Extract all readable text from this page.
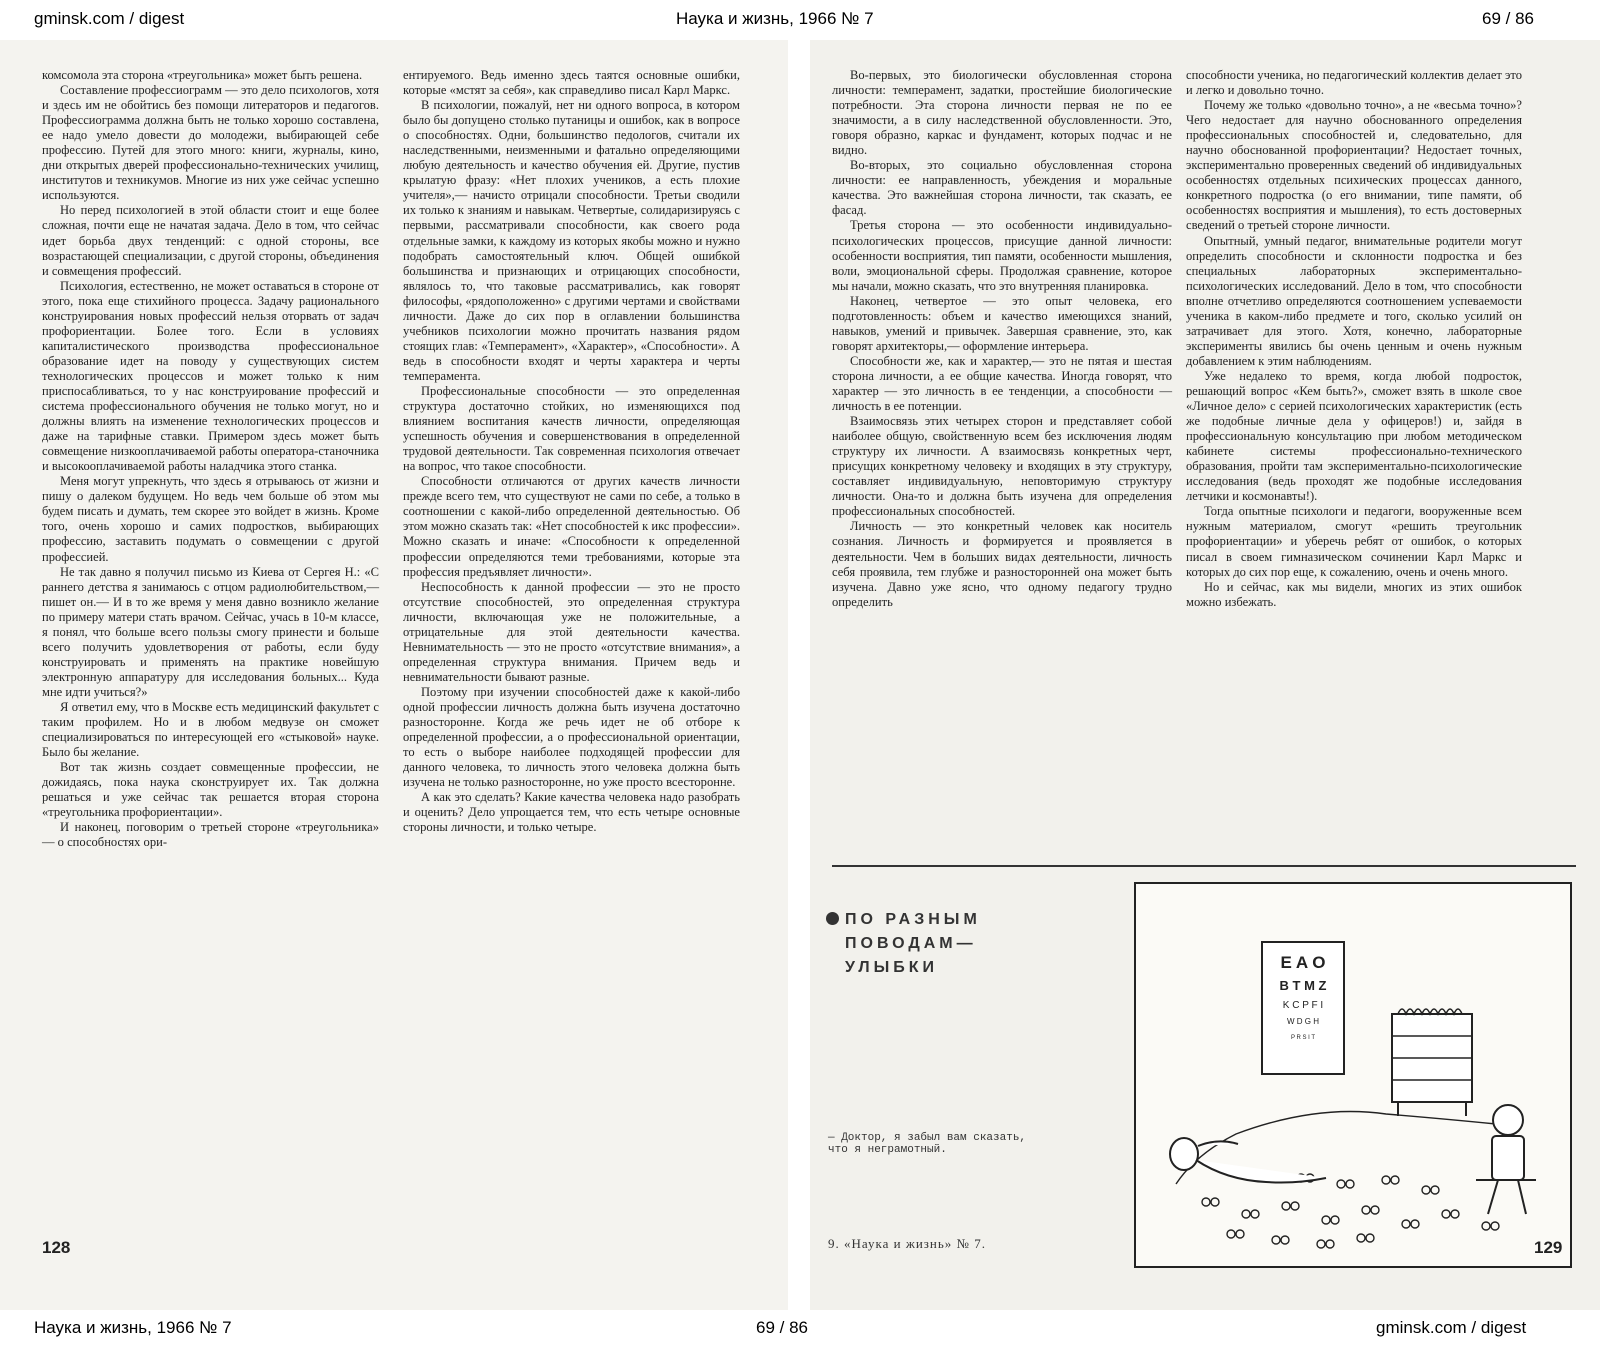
gminsk.com / digest	Наука и жизнь, 1966 № 7	69 / 86
Наука и жизнь, 1966 № 7	69 / 86	gminsk.com / digest

комсомола эта сторона «треугольника» может быть решена.

Составление профессиограмм — это дело психологов, хотя и здесь им не обойтись без помощи литераторов и педагогов. Профессиограмма должна быть не только хорошо составлена, ее надо умело довести до молодежи, выбирающей себе профессию. Путей для этого много: книги, журналы, кино, дни открытых дверей профессионально-технических училищ, институтов и техникумов. Многие из них уже сейчас успешно используются.

Но перед психологией в этой области стоит и еще более сложная, почти еще не начатая задача. Дело в том, что сейчас идет борьба двух тенденций: с одной стороны, все возрастающей специализации, с другой стороны, объединения и совмещения профессий.

Психология, естественно, не может оставаться в стороне от этого, пока еще стихийного процесса. Задачу рационального конструирования новых профессий нельзя оторвать от задач профориентации. Более того. Если в условиях капиталистического производства профессиональное образование идет на поводу у существующих систем технологических процессов и может только к ним приспосабливаться, то у нас конструирование профессий и система профессионального обучения не только могут, но и должны влиять на изменение технологических процессов и даже на тарифные ставки. Примером здесь может быть совмещение низкооплачиваемой работы оператора-станочника и высокооплачиваемой работы наладчика этого станка.

Меня могут упрекнуть, что здесь я отрываюсь от жизни и пишу о далеком будущем. Но ведь чем больше об этом мы будем писать и думать, тем скорее это войдет в жизнь. Кроме того, очень хорошо и самих подростков, выбирающих профессию, заставить подумать о совмещении с другой профессией.

Не так давно я получил письмо из Киева от Сергея Н.: «С раннего детства я занимаюсь с отцом радиолюбительством,— пишет он.— И в то же время у меня давно возникло желание по примеру матери стать врачом. Сейчас, учась в 10-м классе, я понял, что больше всего пользы смогу принести и больше всего получить удовлетворения от работы, если буду конструировать и применять на практике новейшую электронную аппаратуру для исследования больных... Куда мне идти учиться?»

Я ответил ему, что в Москве есть медицинский факультет с таким профилем. Но и в любом медвузе он сможет специализироваться по интересующей его «стыковой» науке. Было бы желание.

Вот так жизнь создает совмещенные профессии, не дожидаясь, пока наука сконструирует их. Так должна решаться и уже сейчас так решается вторая сторона «треугольника профориентации».

И наконец, поговорим о третьей стороне «треугольника» — о способностях ори-

ентируемого. Ведь именно здесь таятся основные ошибки, которые «мстят за себя», как справедливо писал Карл Маркс.

В психологии, пожалуй, нет ни одного вопроса, в котором было бы допущено столько путаницы и ошибок, как в вопросе о способностях. Одни, большинство педологов, считали их наследственными, неизменными и фатально определяющими любую деятельность и качество обучения ей. Другие, пустив крылатую фразу: «Нет плохих учеников, а есть плохие учителя»,— начисто отрицали способности. Третьи сводили их только к знаниям и навыкам. Четвертые, солидаризируясь с первыми, рассматривали способности, как своего рода отдельные замки, к каждому из которых якобы можно и нужно подобрать самостоятельный ключ. Общей ошибкой большинства и признающих и отрицающих способности, являлось то, что таковые рассматривались, как говорят философы, «рядоположенно» с другими чертами и свойствами личности. Даже до сих пор в оглавлении большинства учебников психологии можно прочитать названия рядом стоящих глав: «Темперамент», «Характер», «Способности». А ведь в способности входят и черты характера и черты темперамента.

Профессиональные способности — это определенная структура достаточно стойких, но изменяющихся под влиянием воспитания качеств личности, определяющая успешность обучения и совершенствования в определенной трудовой деятельности. Так современная психология отвечает на вопрос, что такое способности.

Способности отличаются от других качеств личности прежде всего тем, что существуют не сами по себе, а только в соотношении с какой-либо определенной деятельностью. Об этом можно сказать так: «Нет способностей к икс профессии». Можно сказать и иначе: «Способности к определенной профессии определяются теми требованиями, которые эта профессия предъявляет личности».

Неспособность к данной профессии — это не просто отсутствие способностей, это определенная структура личности, включающая уже не положительные, а отрицательные для этой деятельности качества. Невнимательность — это не просто «отсутствие внимания», а определенная структура внимания. Причем ведь и невнимательности бывают разные.

Поэтому при изучении способностей даже к какой-либо одной профессии личность должна быть изучена достаточно разносторонне. Когда же речь идет не об отборе к определенной профессии, а о профессиональной ориентации, то есть о выборе наиболее подходящей профессии для данного человека, то личность этого человека должна быть изучена не только разносторонне, но уже просто всесторонне.

А как это сделать? Какие качества человека надо разобрать и оценить? Дело упрощается тем, что есть четыре основные стороны личности, и только четыре.

128

Во-первых, это биологически обусловленная сторона личности: темперамент, задатки, простейшие биологические потребности. Эта сторона личности первая не по ее значимости, а в силу наследственной обусловленности. Это, говоря образно, каркас и фундамент, которых подчас и не видно.

Во-вторых, это социально обусловленная сторона личности: ее направленность, убеждения и моральные качества. Это важнейшая сторона личности, так сказать, ее фасад.

Третья сторона — это особенности индивидуально-психологических процессов, присущие данной личности: особенности восприятия, тип памяти, особенности мышления, воли, эмоциональной сферы. Продолжая сравнение, которое мы начали, можно сказать, что это внутренняя планировка.

Наконец, четвертое — это опыт человека, его подготовленность: объем и качество имеющихся знаний, навыков, умений и привычек. Завершая сравнение, это, как говорят архитекторы,— оформление интерьера.

Способности же, как и характер,— это не пятая и шестая сторона личности, а ее общие качества. Иногда говорят, что характер — это личность в ее тенденции, а способности — личность в ее потенции.

Взаимосвязь этих четырех сторон и представляет собой наиболее общую, свойственную всем без исключения людям структуру их личности. А взаимосвязь конкретных черт, присущих конкретному человеку и входящих в эту структуру, составляет индивидуальную, неповторимую структуру личности. Она-то и должна быть изучена для определения профессиональных способностей.

Личность — это конкретный человек как носитель сознания. Личность и формируется и проявляется в деятельности. Чем в больших видах деятельности, личность себя проявила, тем глубже и разносторонней она может быть изучена. Давно уже ясно, что одному педагогу трудно определить

способности ученика, но педагогический коллектив делает это и легко и довольно точно.

Почему же только «довольно точно», а не «весьма точно»? Чего недостает для научно обоснованного определения профессиональных способностей и, следовательно, для научно обоснованной профориентации? Недостает точных, экспериментально проверенных сведений об индивидуальных особенностях отдельных психических процессах данного, конкретного подростка (о его внимании, типе памяти, об особенностях восприятия и мышления), то есть достоверных сведений о третьей стороне личности.

Опытный, умный педагог, внимательные родители могут определить способности и склонности подростка и без специальных лабораторных экспериментально-психологических исследований. Дело в том, что способности вполне отчетливо определяются соотношением успеваемости ученика в каком-либо предмете и того, сколько усилий он затрачивает для этого. Хотя, конечно, лабораторные эксперименты явились бы очень ценным и очень нужным добавлением к этим наблюдениям.

Уже недалеко то время, когда любой подросток, решающий вопрос «Кем быть?», сможет взять в школе свое «Личное дело» с серией психологических характеристик (есть же подобные личные дела у офицеров!) и, зайдя в профессиональную консультацию при любом методическом кабинете системы профессионально-технического образования, пройти там экспериментально-психологические исследования (ведь проходят же подобные исследования летчики и космонавты!).

Тогда опытные психологи и педагоги, вооруженные всем нужным материалом, смогут «решить треугольник профориентации» и уберечь ребят от ошибок, о которых писал в своем гимназическом сочинении Карл Маркс и которых до сих пор еще, к сожалению, очень и очень много.

Но и сейчас, как мы видели, многих из этих ошибок можно избежать.

ПО РАЗНЫМ
ПОВОДАМ—
УЛЫБКИ
— Доктор, я забыл вам сказать, что я неграмотный.
E A O
B T M Z
K C P F I
W D G H
P R S I T
9. «Наука и жизнь» № 7.	129
